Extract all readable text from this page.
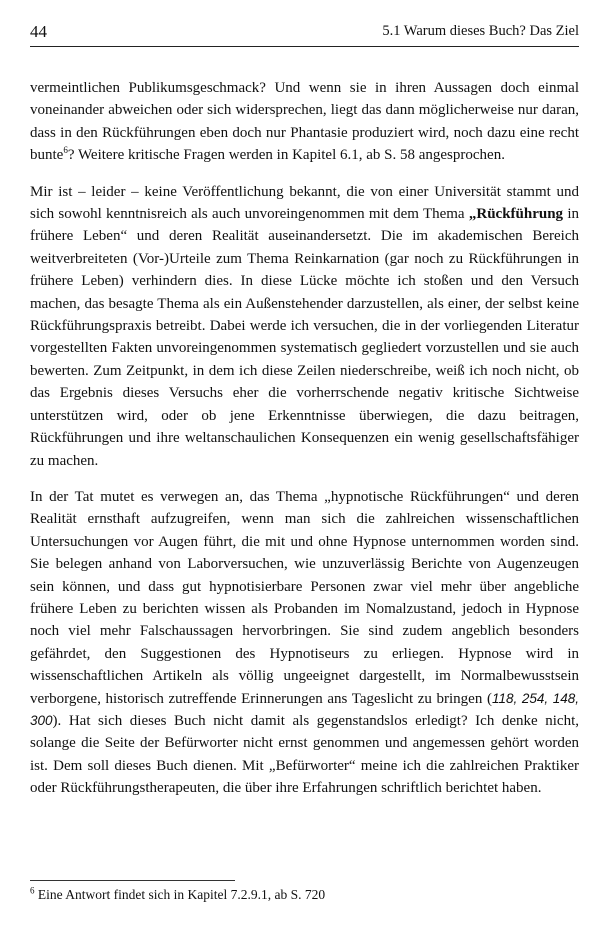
44	5.1 Warum dieses Buch? Das Ziel

vermeintlichen Publikumsgeschmack? Und wenn sie in ihren Aussagen doch einmal voneinander abweichen oder sich widersprechen, liegt das dann möglicherweise nur daran, dass in den Rückführungen eben doch nur Phantasie produziert wird, noch dazu eine recht bunte$^6$? Weitere kritische Fragen werden in Kapitel 6.1, ab S. 58 angesprochen.

Mir ist – leider – keine Veröffentlichung bekannt, die von einer Universität stammt und sich sowohl kenntnisreich als auch unvoreingenommen mit dem Thema „Rückführung in frühere Leben“ und deren Realität auseinandersetzt. Die im akademischen Bereich weitverbreiteten (Vor-)Urteile zum Thema Reinkarnation (gar noch zu Rückführungen in frühere Leben) verhindern dies. In diese Lücke möchte ich stoßen und den Versuch machen, das besagte Thema als ein Außenstehender darzustellen, als einer, der selbst keine Rückführungspraxis betreibt. Dabei werde ich versuchen, die in der vorliegenden Literatur vorgestellten Fakten unvoreingenommen systematisch gegliedert vorzustellen und sie auch bewerten. Zum Zeitpunkt, in dem ich diese Zeilen niederschreibe, weiß ich noch nicht, ob das Ergebnis dieses Versuchs eher die vorherrschende negativ kritische Sichtweise unterstützen wird, oder ob jene Erkenntnisse überwiegen, die dazu beitragen, Rückführungen und ihre weltanschaulichen Konsequenzen ein wenig gesellschaftsfähiger zu machen.

In der Tat mutet es verwegen an, das Thema „hypnotische Rückführungen“ und deren Realität ernsthaft aufzugreifen, wenn man sich die zahlreichen wissenschaftlichen Untersuchungen vor Augen führt, die mit und ohne Hypnose unternommen worden sind. Sie belegen anhand von Laborversuchen, wie unzuverlässig Berichte von Augenzeugen sein können, und dass gut hypnotisierbare Personen zwar viel mehr über angebliche frühere Leben zu berichten wissen als Probanden im Nomalzustand, jedoch in Hypnose noch viel mehr Falschaussagen hervorbringen. Sie sind zudem angeblich besonders gefährdet, den Suggestionen des Hypnotiseurs zu erliegen. Hypnose wird in wissenschaftlichen Artikeln als völlig ungeeignet dargestellt, im Normalbewusstsein verborgene, historisch zutreffende Erinnerungen ans Tageslicht zu bringen (118, 254, 148, 300). Hat sich dieses Buch nicht damit als gegenstandslos erledigt? Ich denke nicht, solange die Seite der Befürworter nicht ernst genommen und angemessen gehört worden ist. Dem soll dieses Buch dienen. Mit „Befürworter“ meine ich die zahlreichen Praktiker oder Rückführungstherapeuten, die über ihre Erfahrungen schriftlich berichtet haben.

$^6$ Eine Antwort findet sich in Kapitel 7.2.9.1, ab S. 720
